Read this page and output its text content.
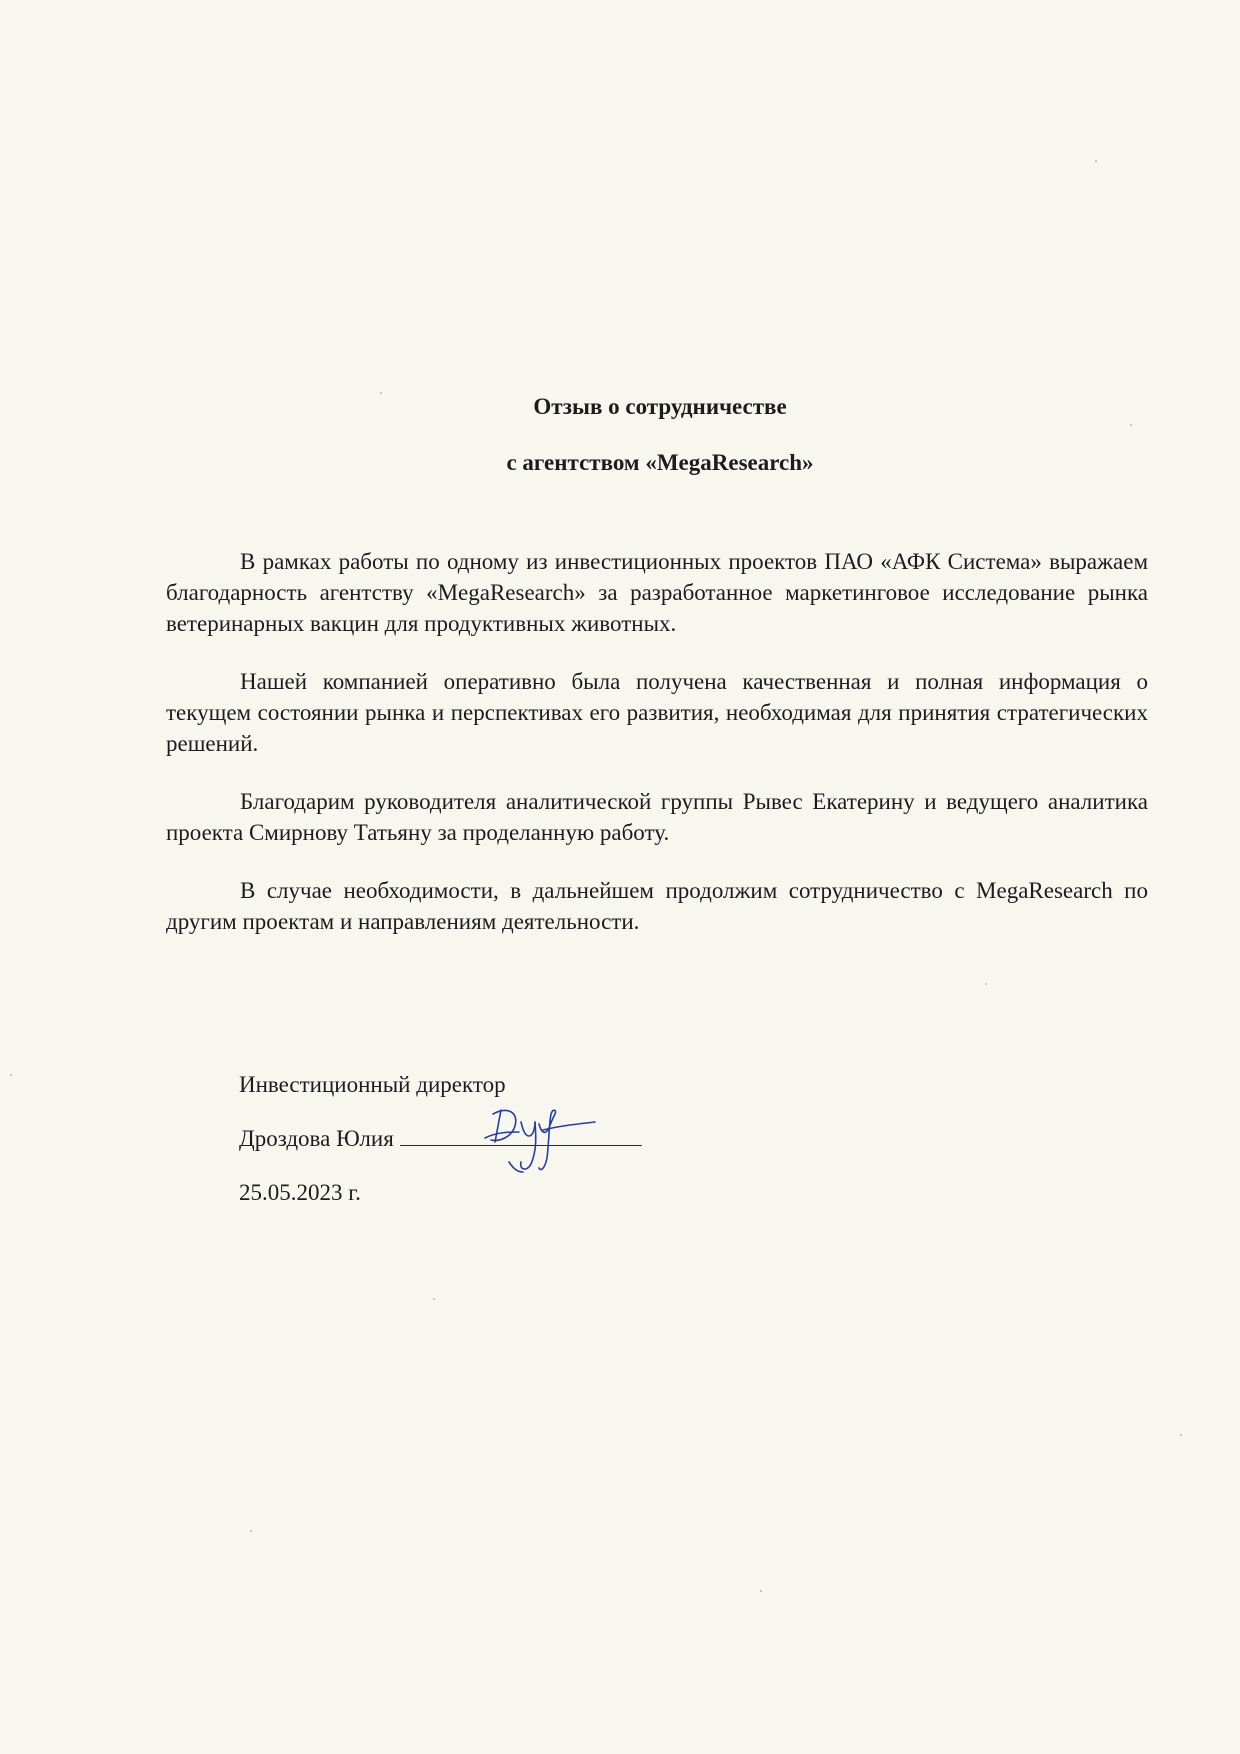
Отзыв о сотрудничестве
с агентством «MegaResearch»

В рамках работы по одному из инвестиционных проектов ПАО «АФК Система» выражаем благодарность агентству «MegaResearch» за разработанное маркетинговое исследование рынка ветеринарных вакцин для продуктивных животных.

Нашей компанией оперативно была получена качественная и полная информация о текущем состоянии рынка и перспективах его развития, необходимая для принятия стратегических решений.

Благодарим руководителя аналитической группы Рывес Екатерину и ведущего аналитика проекта Смирнову Татьяну за проделанную работу.

В случае необходимости, в дальнейшем продолжим сотрудничество с MegaResearch по другим проектам и направлениям деятельности.

Инвестиционный директор
Дроздова Юлия
25.05.2023 г.
